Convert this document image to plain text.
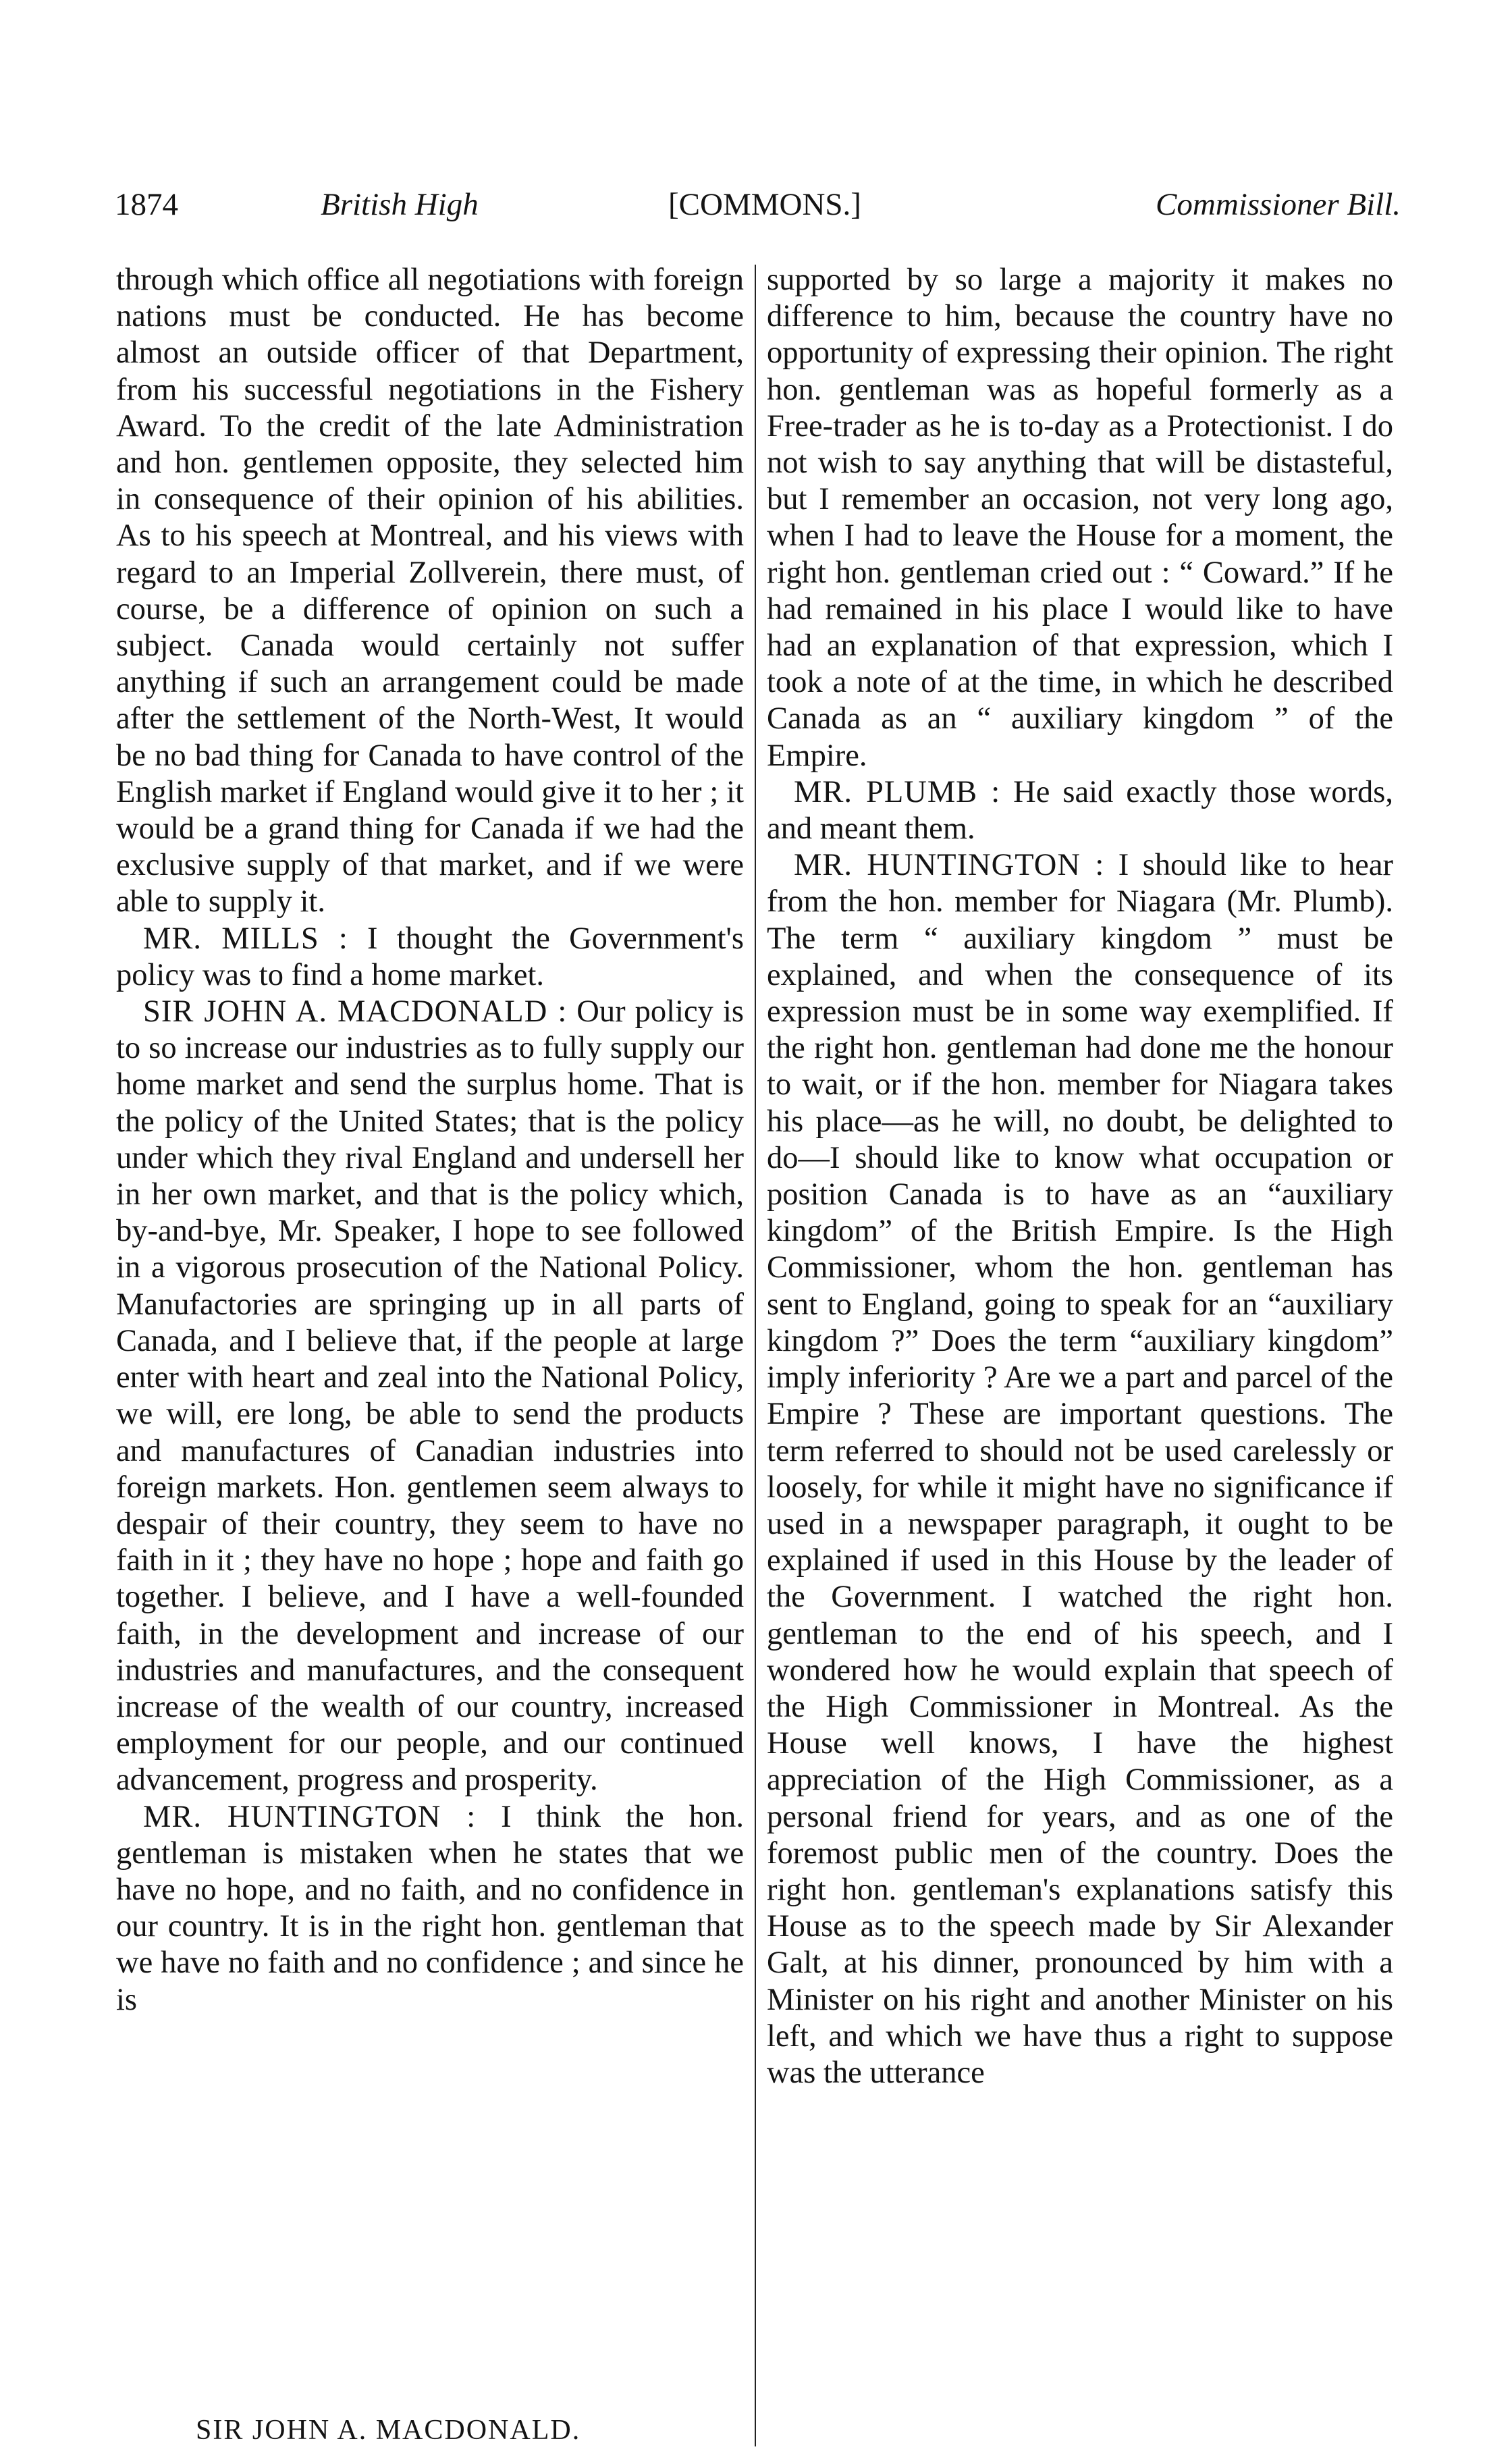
1874	British High	[COMMONS.]	Commissioner Bill.

through which office all negotiations with foreign nations must be conducted. He has become almost an outside officer of that Department, from his successful negotiations in the Fishery Award. To the credit of the late Administration and hon. gentlemen opposite, they selected him in consequence of their opinion of his abilities. As to his speech at Montreal, and his views with regard to an Imperial Zollverein, there must, of course, be a difference of opinion on such a subject. Canada would certainly not suffer anything if such an arrangement could be made after the settlement of the North-West, It would be no bad thing for Canada to have control of the English market if England would give it to her ; it would be a grand thing for Canada if we had the exclusive supply of that market, and if we were able to supply it.

MR. MILLS : I thought the Government's policy was to find a home market.

SIR JOHN A. MACDONALD : Our policy is to so increase our industries as to fully supply our home market and send the surplus home. That is the policy of the United States; that is the policy under which they rival England and undersell her in her own market, and that is the policy which, by-and-bye, Mr. Speaker, I hope to see followed in a vigorous prosecution of the National Policy. Manufactories are springing up in all parts of Canada, and I believe that, if the people at large enter with heart and zeal into the National Policy, we will, ere long, be able to send the products and manufactures of Canadian industries into foreign markets. Hon. gentlemen seem always to despair of their country, they seem to have no faith in it ; they have no hope ; hope and faith go together. I believe, and I have a well-founded faith, in the development and increase of our industries and manufactures, and the consequent increase of the wealth of our country, increased employment for our people, and our continued advancement, progress and prosperity.

MR. HUNTINGTON : I think the hon. gentleman is mistaken when he states that we have no hope, and no faith, and no confidence in our country. It is in the right hon. gentleman that we have no faith and no confidence ; and since he is

supported by so large a majority it makes no difference to him, because the country have no opportunity of expressing their opinion. The right hon. gentleman was as hopeful formerly as a Free-trader as he is to-day as a Protectionist. I do not wish to say anything that will be distasteful, but I remember an occasion, not very long ago, when I had to leave the House for a moment, the right hon. gentleman cried out : “ Coward.” If he had remained in his place I would like to have had an explanation of that expression, which I took a note of at the time, in which he described Canada as an “ auxiliary kingdom ” of the Empire.

MR. PLUMB : He said exactly those words, and meant them.

MR. HUNTINGTON : I should like to hear from the hon. member for Niagara (Mr. Plumb). The term “ auxiliary kingdom ” must be explained, and when the consequence of its expression must be in some way exemplified. If the right hon. gentleman had done me the honour to wait, or if the hon. member for Niagara takes his place—as he will, no doubt, be delighted to do—I should like to know what occupation or position Canada is to have as an “auxiliary kingdom” of the British Empire. Is the High Commissioner, whom the hon. gentleman has sent to England, going to speak for an “auxiliary kingdom ?” Does the term “auxiliary kingdom” imply inferiority ? Are we a part and parcel of the Empire ? These are important questions. The term referred to should not be used carelessly or loosely, for while it might have no significance if used in a newspaper paragraph, it ought to be explained if used in this House by the leader of the Government. I watched the right hon. gentleman to the end of his speech, and I wondered how he would explain that speech of the High Commissioner in Montreal. As the House well knows, I have the highest appreciation of the High Commissioner, as a personal friend for years, and as one of the foremost public men of the country. Does the right hon. gentleman's explanations satisfy this House as to the speech made by Sir Alexander Galt, at his dinner, pronounced by him with a Minister on his right and another Minister on his left, and which we have thus a right to suppose was the utterance

SIR JOHN A. MACDONALD.
